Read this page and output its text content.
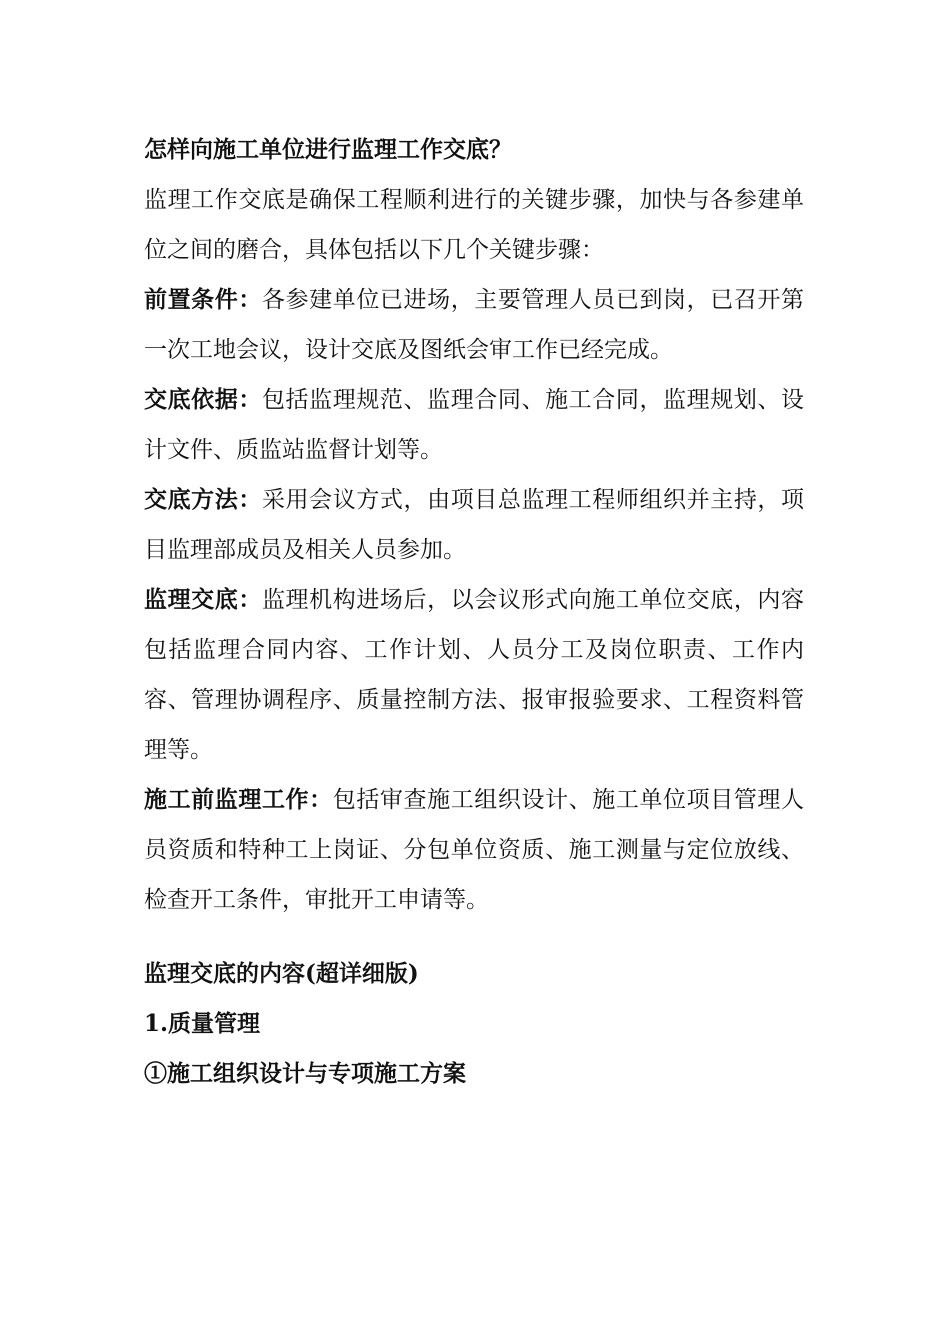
怎样向施工单位进行监理工作交底？

监理工作交底是确保工程顺利进行的关键步骤，加快与各参建单位之间的磨合，具体包括以下几个关键步骤：

前置条件：各参建单位已进场，主要管理人员已到岗，已召开第一次工地会议，设计交底及图纸会审工作已经完成。

交底依据：包括监理规范、监理合同、施工合同，监理规划、设计文件、质监站监督计划等。

交底方法：采用会议方式，由项目总监理工程师组织并主持，项目监理部成员及相关人员参加。

监理交底：监理机构进场后，以会议形式向施工单位交底，内容包括监理合同内容、工作计划、人员分工及岗位职责、工作内容、管理协调程序、质量控制方法、报审报验要求、工程资料管理等。

施工前监理工作：包括审查施工组织设计、施工单位项目管理人员资质和特种工上岗证、分包单位资质、施工测量与定位放线、检查开工条件，审批开工申请等。

监理交底的内容(超详细版)

1.质量管理

①施工组织设计与专项施工方案
